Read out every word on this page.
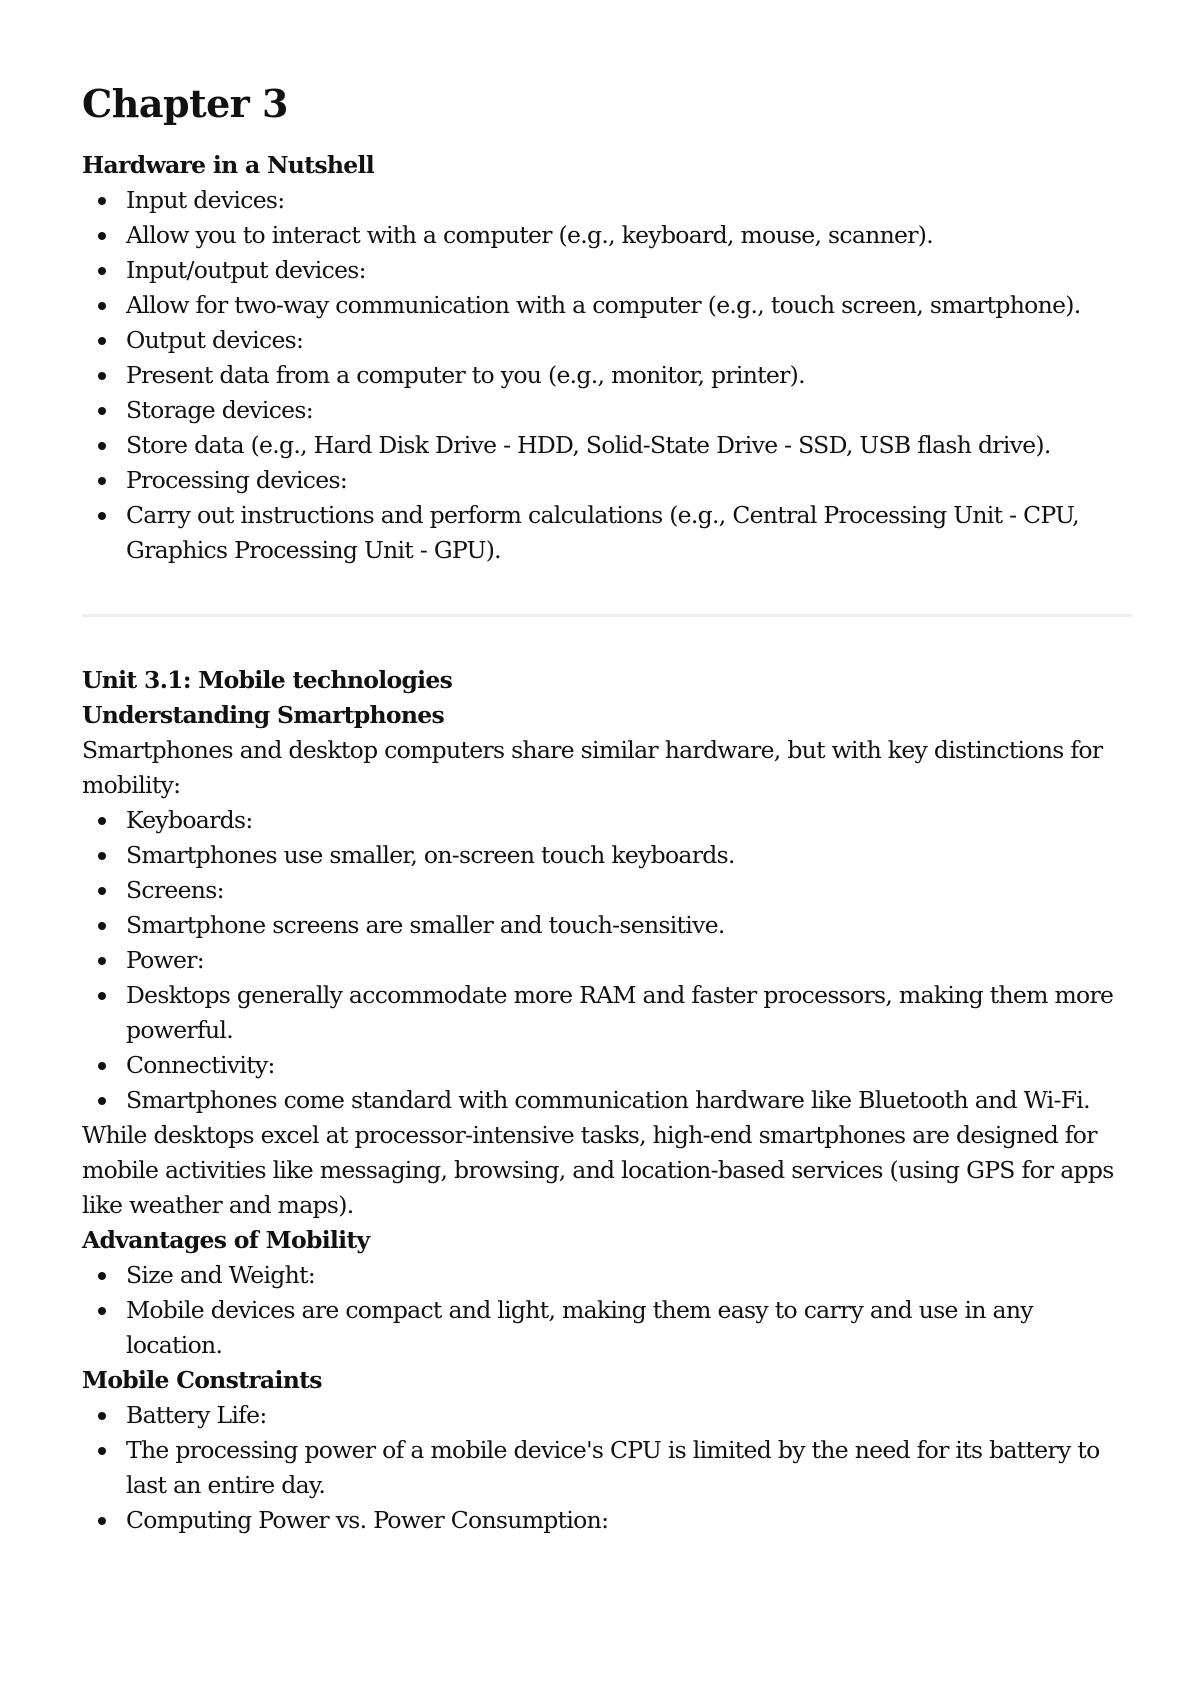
Chapter 3
Hardware in a Nutshell
Input devices:
Allow you to interact with a computer (e.g., keyboard, mouse, scanner).
Input/output devices:
Allow for two-way communication with a computer (e.g., touch screen, smartphone).
Output devices:
Present data from a computer to you (e.g., monitor, printer).
Storage devices:
Store data (e.g., Hard Disk Drive - HDD, Solid-State Drive - SSD, USB flash drive).
Processing devices:
Carry out instructions and perform calculations (e.g., Central Processing Unit - CPU, Graphics Processing Unit - GPU).
Unit 3.1: Mobile technologies
Understanding Smartphones
Smartphones and desktop computers share similar hardware, but with key distinctions for mobility:
Keyboards:
Smartphones use smaller, on-screen touch keyboards.
Screens:
Smartphone screens are smaller and touch-sensitive.
Power:
Desktops generally accommodate more RAM and faster processors, making them more powerful.
Connectivity:
Smartphones come standard with communication hardware like Bluetooth and Wi-Fi.
While desktops excel at processor-intensive tasks, high-end smartphones are designed for mobile activities like messaging, browsing, and location-based services (using GPS for apps like weather and maps).
Advantages of Mobility
Size and Weight:
Mobile devices are compact and light, making them easy to carry and use in any location.
Mobile Constraints
Battery Life:
The processing power of a mobile device's CPU is limited by the need for its battery to last an entire day.
Computing Power vs. Power Consumption:
